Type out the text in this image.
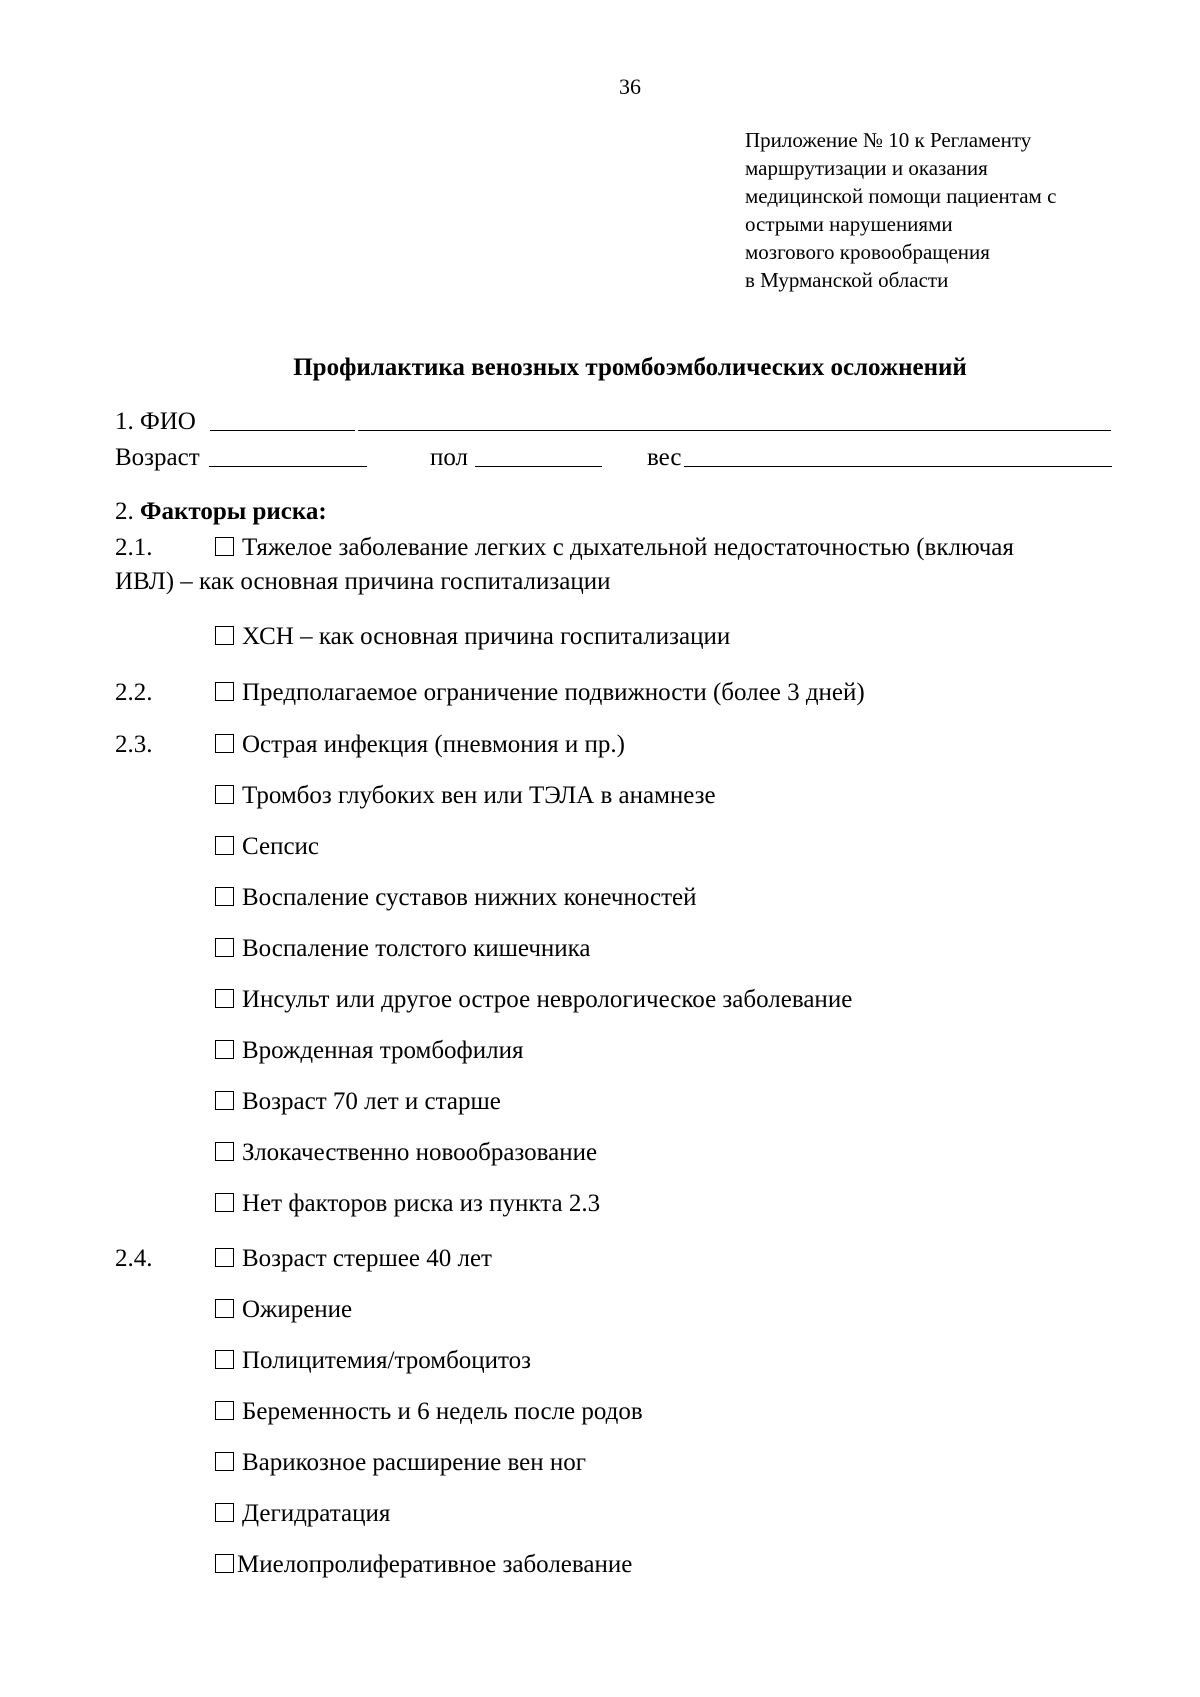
36
Приложение № 10 к Регламенту
маршрутизации и оказания
медицинской помощи пациентам с
острыми нарушениями
мозгового кровообращения
в Мурманской области
Профилактика венозных тромбоэмболических осложнений
1. ФИО
Возраст	пол	вес
2. Факторы риска:
2.1.	Тяжелое заболевание легких с дыхательной недостаточностью (включая
ИВЛ) – как основная причина госпитализации
ХСН – как основная причина госпитализации
2.2.	Предполагаемое ограничение подвижности (более 3 дней)
2.3.	Острая инфекция (пневмония и пр.)
Тромбоз глубоких вен или ТЭЛА в анамнезе
Сепсис
Воспаление суставов нижних конечностей
Воспаление толстого кишечника
Инсульт или другое острое неврологическое заболевание
Врожденная тромбофилия
Возраст 70 лет и старше
Злокачественно новообразование
Нет факторов риска из пункта 2.3
2.4.	Возраст стершее 40 лет
Ожирение
Полицитемия/тромбоцитоз
Беременность и 6 недель после родов
Варикозное расширение вен ног
Дегидратация
Миелопролиферативное заболевание
